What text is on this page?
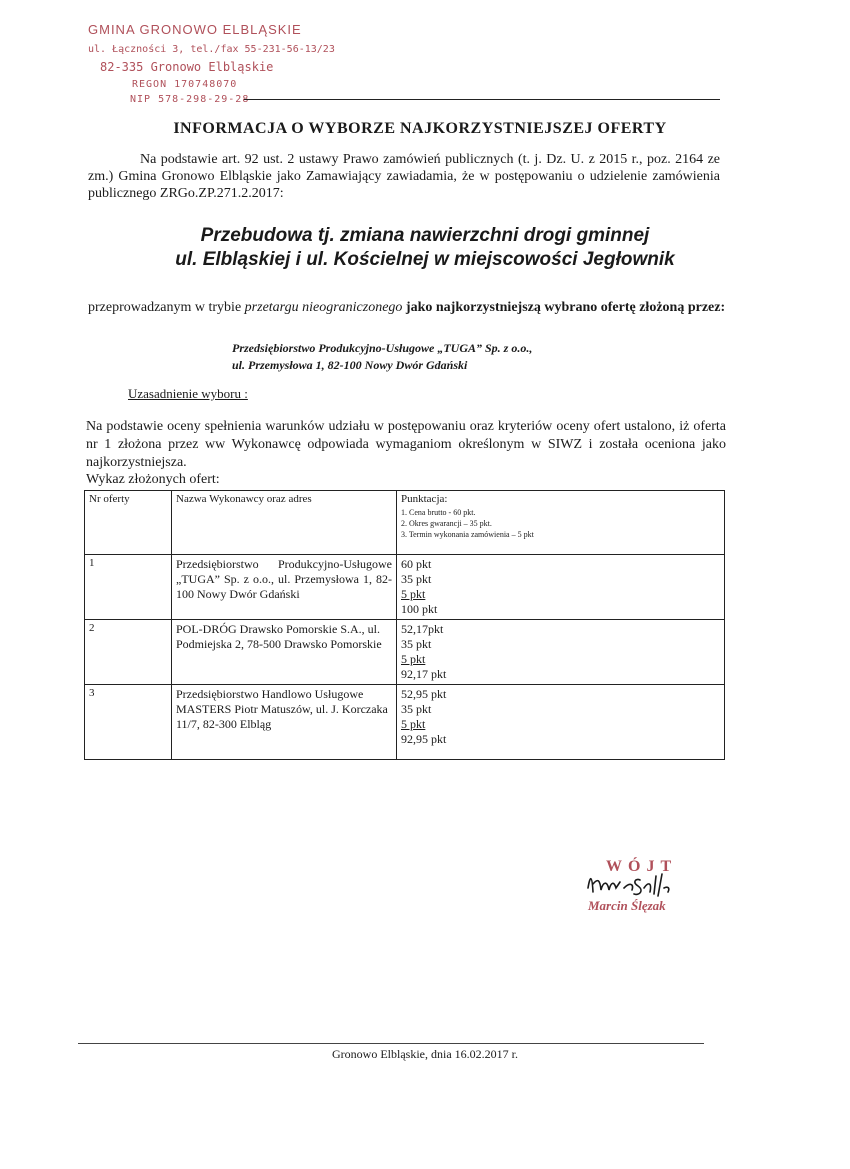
GMINA GRONOWO ELBLĄSKIE
ul. Łączności 3, tel./fax 55-231-56-13/23
82-335 Gronowo Elbląskie
REGON 170748070
NIP 578-298-29-28
INFORMACJA O WYBORZE NAJKORZYSTNIEJSZEJ OFERTY

Na podstawie art. 92 ust. 2 ustawy Prawo zamówień publicznych (t. j. Dz. U. z 2015 r., poz. 2164 ze zm.) Gmina Gronowo Elbląskie jako Zamawiający zawiadamia, że w postępowaniu o udzielenie zamówienia publicznego ZRGo.ZP.271.2.2017:

Przebudowa tj. zmiana nawierzchni drogi gminnej
ul. Elbląskiej i ul. Kościelnej w miejscowości Jegłownik
przeprowadzanym w trybie przetargu nieograniczonego jako najkorzystniejszą wybrano ofertę złożoną przez:
Przedsiębiorstwo Produkcyjno-Usługowe „TUGA” Sp. z o.o.,
ul. Przemysłowa 1, 82-100 Nowy Dwór Gdański
Uzasadnienie wyboru :
Na podstawie oceny spełnienia warunków udziału w postępowaniu oraz kryteriów oceny ofert ustalono, iż oferta nr 1 złożona przez ww Wykonawcę odpowiada wymaganiom określonym w SIWZ i została oceniona jako najkorzystniejsza.
Wykaz złożonych ofert:
Nr oferty	Nazwa Wykonawcy oraz adres	Punktacja:
1. Cena brutto - 60 pkt.
2. Okres gwarancji – 35 pkt.
3. Termin wykonania zamówienia – 5 pkt

1	Przedsiębiorstwo Produkcyjno-Usługowe „TUGA” Sp. z o.o., ul. Przemysłowa 1, 82-100 Nowy Dwór Gdański	60 pkt
35 pkt
5 pkt
100 pkt

2	POL-DRÓG Drawsko Pomorskie S.A., ul. Podmiejska 2, 78-500 Drawsko Pomorskie	52,17pkt
35 pkt
5 pkt
92,17 pkt

3	Przedsiębiorstwo Handlowo Usługowe MASTERS Piotr Matuszów, ul. J. Korczaka 11/7, 82-300 Elbląg	52,95 pkt
35 pkt
5 pkt
92,95 pkt
WÓJT
Marcin Ślęzak
Gronowo Elbląskie, dnia 16.02.2017 r.
